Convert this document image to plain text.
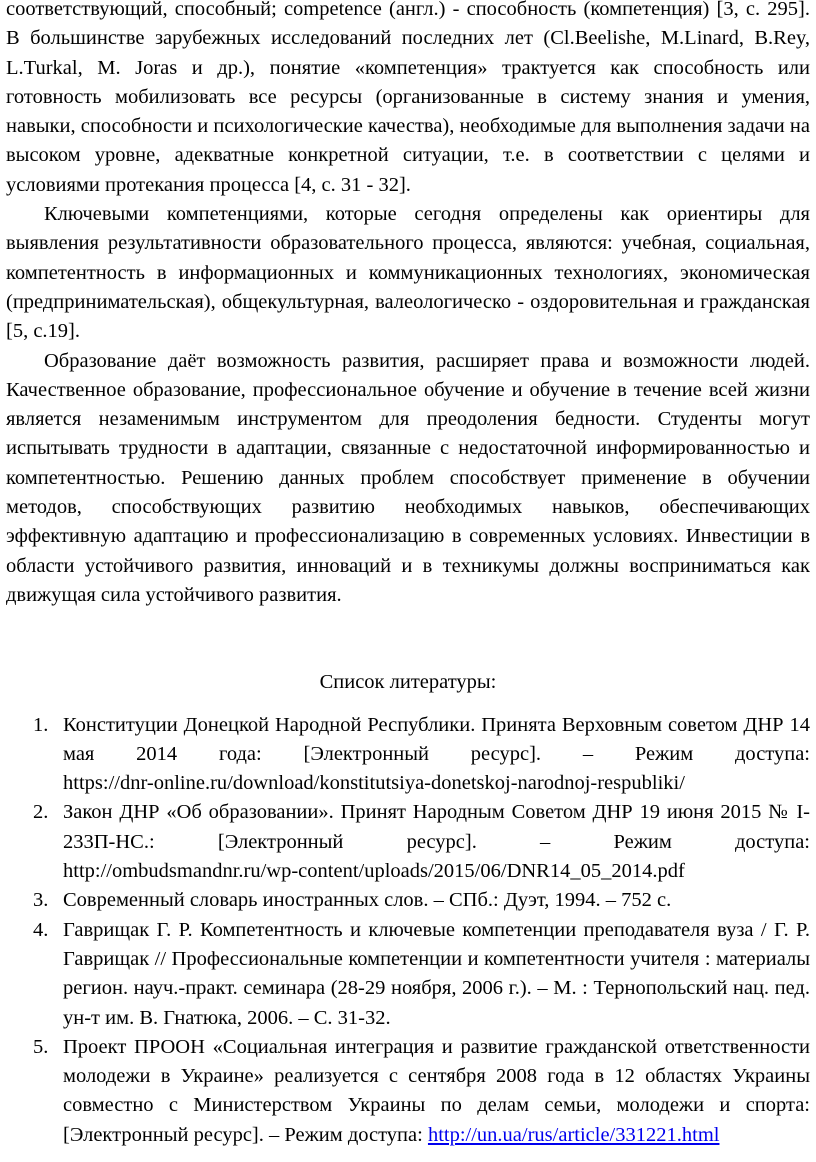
соответствующий, способный; competence (англ.) - способность (компетенция) [3, с. 295]. В большинстве зарубежных исследований последних лет (Cl.Beelishe, M.Linard, B.Rey, L.Turkal, M. Joras и др.), понятие «компетенция» трактуется как способность или готовность мобилизовать все ресурсы (организованные в систему знания и умения, навыки, способности и психологические качества), необходимые для выполнения задачи на высоком уровне, адекватные конкретной ситуации, т.е. в соответствии с целями и условиями протекания процесса [4, с. 31 - 32].

Ключевыми компетенциями, которые сегодня определены как ориентиры для выявления результативности образовательного процесса, являются: учебная, социальная, компетентность в информационных и коммуникационных технологиях, экономическая (предпринимательская), общекультурная, валеологическо - оздоровительная и гражданская [5, с.19].

Образование даёт возможность развития, расширяет права и возможности людей. Качественное образование, профессиональное обучение и обучение в течение всей жизни является незаменимым инструментом для преодоления бедности. Студенты могут испытывать трудности в адаптации, связанные с недостаточной информированностью и компетентностью. Решению данных проблем способствует применение в обучении методов, способствующих развитию необходимых навыков, обеспечивающих эффективную адаптацию и профессионализацию в современных условиях. Инвестиции в области устойчивого развития, инноваций и в техникумы должны восприниматься как движущая сила устойчивого развития.

Список литературы:
1. Конституции Донецкой Народной Республики. Принята Верховным советом ДНР 14 мая 2014 года: [Электронный ресурс]. – Режим доступа: https://dnr-online.ru/download/konstitutsiya-donetskoj-narodnoj-respubliki/
2. Закон ДНР «Об образовании». Принят Народным Советом ДНР 19 июня 2015 № I-233П-НС.: [Электронный ресурс]. – Режим доступа: http://ombudsmandnr.ru/wp-content/uploads/2015/06/DNR14_05_2014.pdf
3. Современный словарь иностранных слов. – СПб.: Дуэт, 1994. – 752 с.
4. Гаврищак Г. Р. Компетентность и ключевые компетенции преподавателя вуза / Г. Р. Гаврищак // Профессиональные компетенции и компетентности учителя : материалы регион. науч.-практ. семинара (28-29 ноября, 2006 г.). – М. : Тернопольский нац. пед. ун-т им. В. Гнатюка, 2006. – С. 31-32.
5. Проект ПРООН «Социальная интеграция и развитие гражданской ответственности молодежи в Украине» реализуется с сентября 2008 года в 12 областях Украины совместно с Министерством Украины по делам семьи, молодежи и спорта: [Электронный ресурс]. – Режим доступа: http://un.ua/rus/article/331221.html
